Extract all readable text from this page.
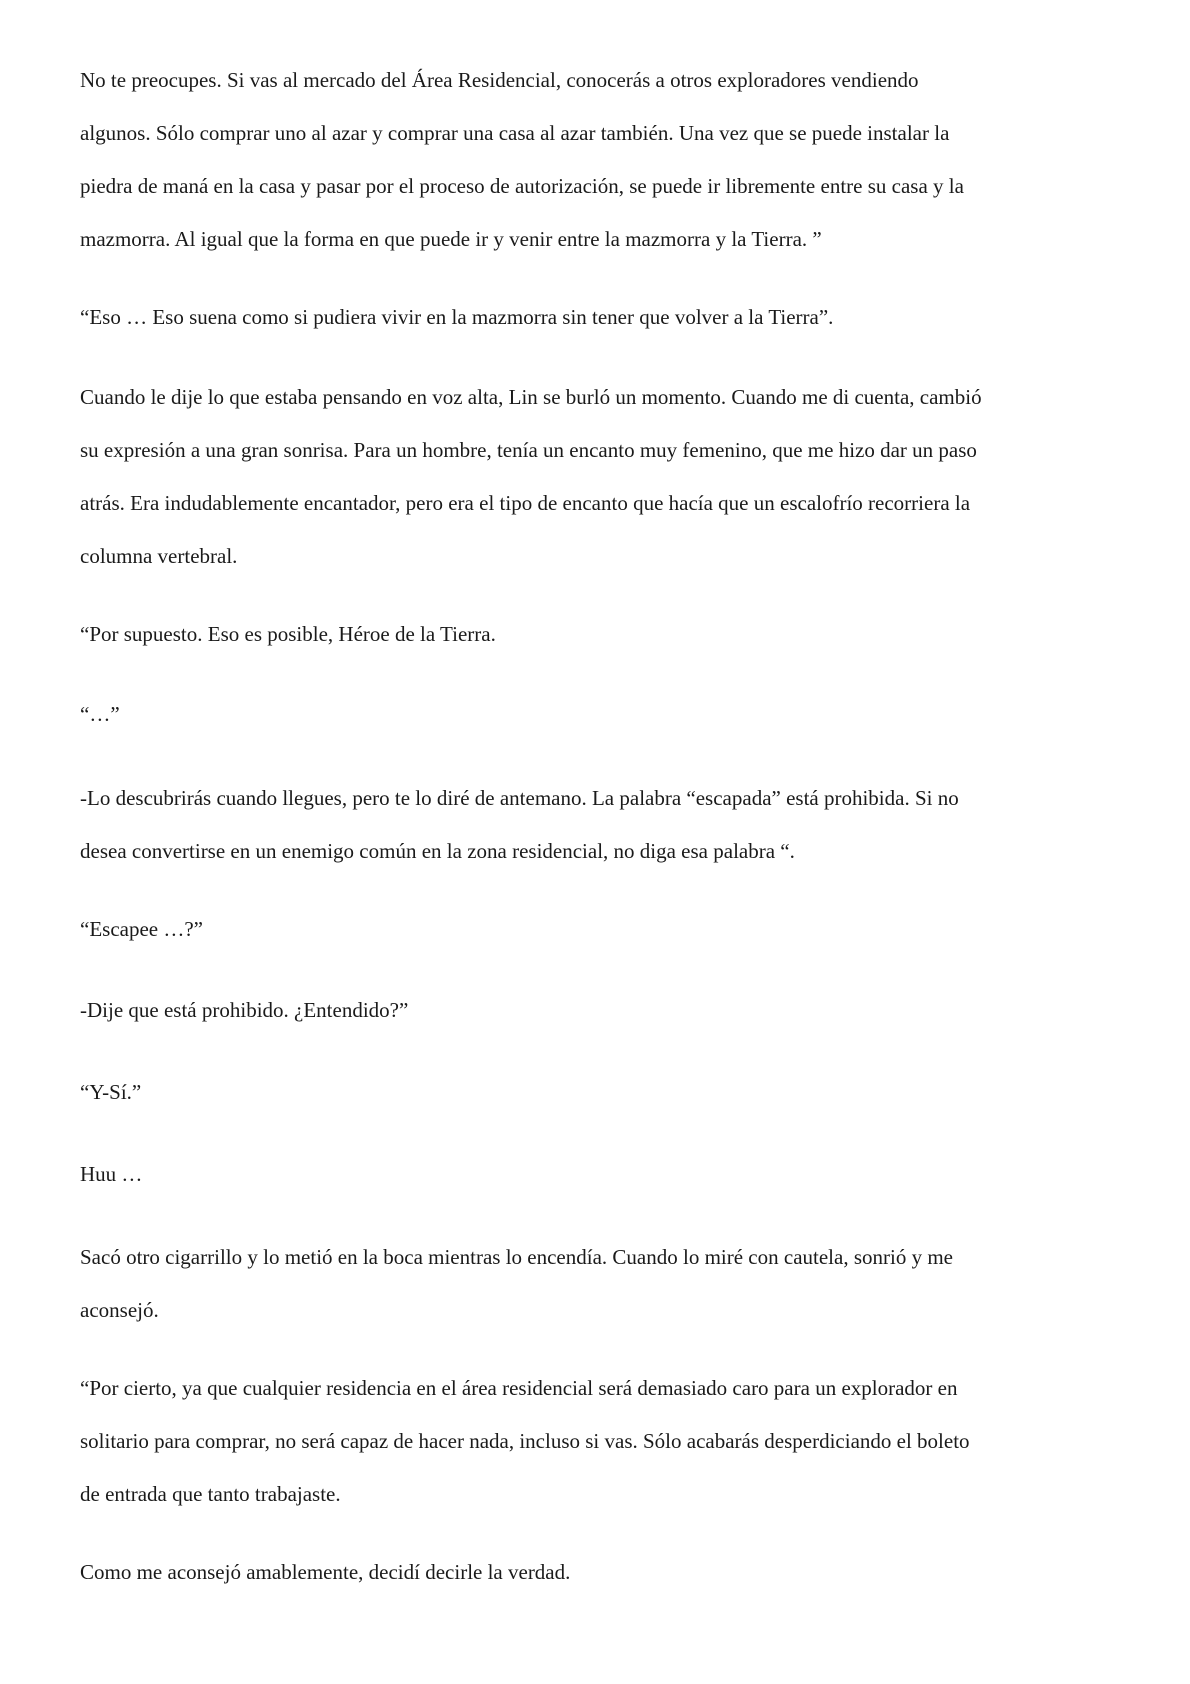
No te preocupes. Si vas al mercado del Área Residencial, conocerás a otros exploradores vendiendo
algunos. Sólo comprar uno al azar y comprar una casa al azar también. Una vez que se puede instalar la
piedra de maná en la casa y pasar por el proceso de autorización, se puede ir libremente entre su casa y la
mazmorra. Al igual que la forma en que puede ir y venir entre la mazmorra y la Tierra. ”

“Eso … Eso suena como si pudiera vivir en la mazmorra sin tener que volver a la Tierra”.

Cuando le dije lo que estaba pensando en voz alta, Lin se burló un momento. Cuando me di cuenta, cambió
su expresión a una gran sonrisa. Para un hombre, tenía un encanto muy femenino, que me hizo dar un paso
atrás. Era indudablemente encantador, pero era el tipo de encanto que hacía que un escalofrío recorriera la
columna vertebral.

“Por supuesto. Eso es posible, Héroe de la Tierra.

“…”

-Lo descubrirás cuando llegues, pero te lo diré de antemano. La palabra “escapada” está prohibida. Si no
desea convertirse en un enemigo común en la zona residencial, no diga esa palabra “.

“Escapee …?”

-Dije que está prohibido. ¿Entendido?”

“Y-Sí.”

Huu …

Sacó otro cigarrillo y lo metió en la boca mientras lo encendía. Cuando lo miré con cautela, sonrió y me
aconsejó.

“Por cierto, ya que cualquier residencia en el área residencial será demasiado caro para un explorador en
solitario para comprar, no será capaz de hacer nada, incluso si vas. Sólo acabarás desperdiciando el boleto
de entrada que tanto trabajaste.

Como me aconsejó amablemente, decidí decirle la verdad.
